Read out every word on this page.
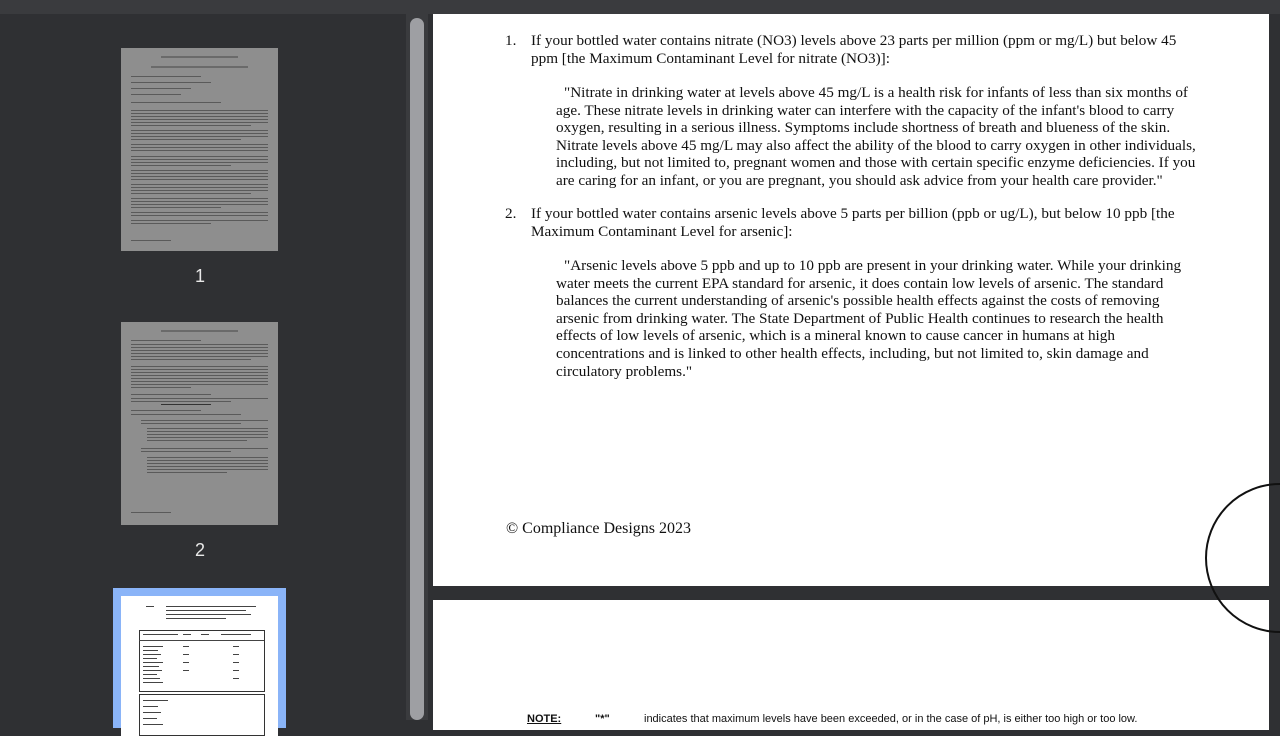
1
2
1. If your bottled water contains nitrate (NO3) levels above 23 parts per million (ppm or mg/L) but below 45 ppm [the Maximum Contaminant Level for nitrate (NO3)]:
"Nitrate in drinking water at levels above 45 mg/L is a health risk for infants of less than six months of age. These nitrate levels in drinking water can interfere with the capacity of the infant's blood to carry oxygen, resulting in a serious illness. Symptoms include shortness of breath and blueness of the skin. Nitrate levels above 45 mg/L may also affect the ability of the blood to carry oxygen in other individuals, including, but not limited to, pregnant women and those with certain specific enzyme deficiencies. If you are caring for an infant, or you are pregnant, you should ask advice from your health care provider."
2. If your bottled water contains arsenic levels above 5 parts per billion (ppb or ug/L), but below 10 ppb [the Maximum Contaminant Level for arsenic]:
"Arsenic levels above 5 ppb and up to 10 ppb are present in your drinking water. While your drinking water meets the current EPA standard for arsenic, it does contain low levels of arsenic. The standard balances the current understanding of arsenic's possible health effects against the costs of removing arsenic from drinking water. The State Department of Public Health continues to research the health effects of low levels of arsenic, which is a mineral known to cause cancer in humans at high concentrations and is linked to other health effects, including, but not limited to, skin damage and circulatory problems."
© Compliance Designs 2023
NOTE:	"*"	indicates that maximum levels have been exceeded, or in the case of pH, is either too high or too low.
